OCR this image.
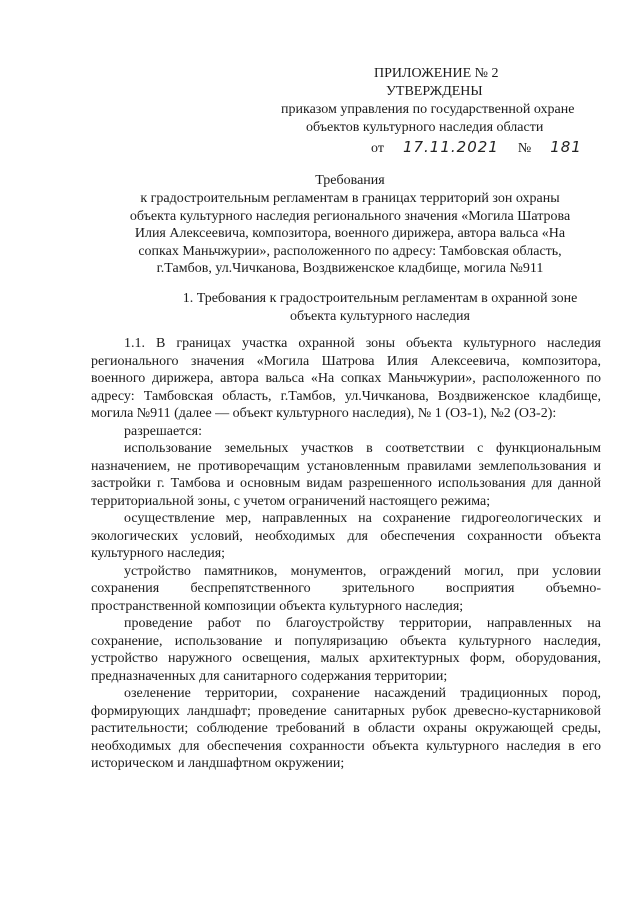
ПРИЛОЖЕНИЕ № 2
УТВЕРЖДЕНЫ
приказом управления по государственной охране
объектов культурного наследия области
от 17.11.2021 № 181
Требования
к градостроительным регламентам в границах территорий зон охраны
объекта культурного наследия регионального значения «Могила Шатрова
Илия Алексеевича, композитора, военного дирижера, автора вальса «На
сопках Маньчжурии», расположенного по адресу: Тамбовская область,
г.Тамбов, ул.Чичканова, Воздвиженское кладбище, могила №911
1. Требования к градостроительным регламентам в охранной зоне
объекта культурного наследия

1.1. В границах участка охранной зоны объекта культурного наследия регионального значения «Могила Шатрова Илия Алексеевича, композитора, военного дирижера, автора вальса «На сопках Маньчжурии», расположенного по адресу: Тамбовская область, г.Тамбов, ул.Чичканова, Воздвиженское кладбище, могила №911 (далее — объект культурного наследия), № 1 (ОЗ-1), №2 (ОЗ-2):

разрешается:

использование земельных участков в соответствии с функциональным назначением, не противоречащим установленным правилами землепользования и застройки г. Тамбова и основным видам разрешенного использования для данной территориальной зоны, с учетом ограничений настоящего режима;

осуществление мер, направленных на сохранение гидрогеологических и экологических условий, необходимых для обеспечения сохранности объекта культурного наследия;

устройство памятников, монументов, ограждений могил, при условии сохранения беспрепятственного зрительного восприятия объемно- пространственной композиции объекта культурного наследия;

проведение работ по благоустройству территории, направленных на сохранение, использование и популяризацию объекта культурного наследия, устройство наружного освещения, малых архитектурных форм, оборудования, предназначенных для санитарного содержания территории;

озеленение территории, сохранение насаждений традиционных пород, формирующих ландшафт; проведение санитарных рубок древесно-кустарниковой растительности; соблюдение требований в области охраны окружающей среды, необходимых для обеспечения сохранности объекта культурного наследия в его историческом и ландшафтном окружении;
